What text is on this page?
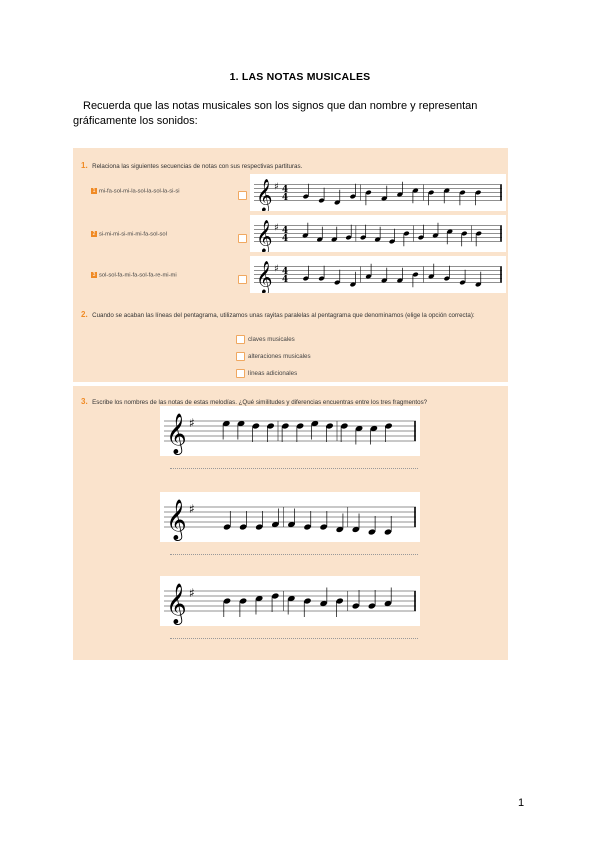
1. LAS NOTAS MUSICALES
Recuerda que las notas musicales son los signos que dan nombre y representan gráficamente los sonidos:
1. Relaciona las siguientes secuencias de notas con sus respectivas partituras.
1 mi-fa-sol-mi-la-sol-la-sol-la-si-si	𝄞 ♯ 4
4
2 si-mi-mi-si-mi-mi-fa-sol-sol	𝄞 ♯ 4
4
3 sol-sol-fa-mi-fa-sol-fa-re-mi-mi	𝄞 ♯ 4
4
2. Cuando se acaban las líneas del pentagrama, utilizamos unas rayitas paralelas al pentagrama que denominamos (elige la opción correcta):
claves musicales
alteraciones musicales
líneas adicionales
3. Escribe los nombres de las notas de estas melodías. ¿Qué similitudes y diferencias encuentras entre los tres fragmentos?
𝄞 ♯
𝄞 ♯
𝄞 ♯
1
